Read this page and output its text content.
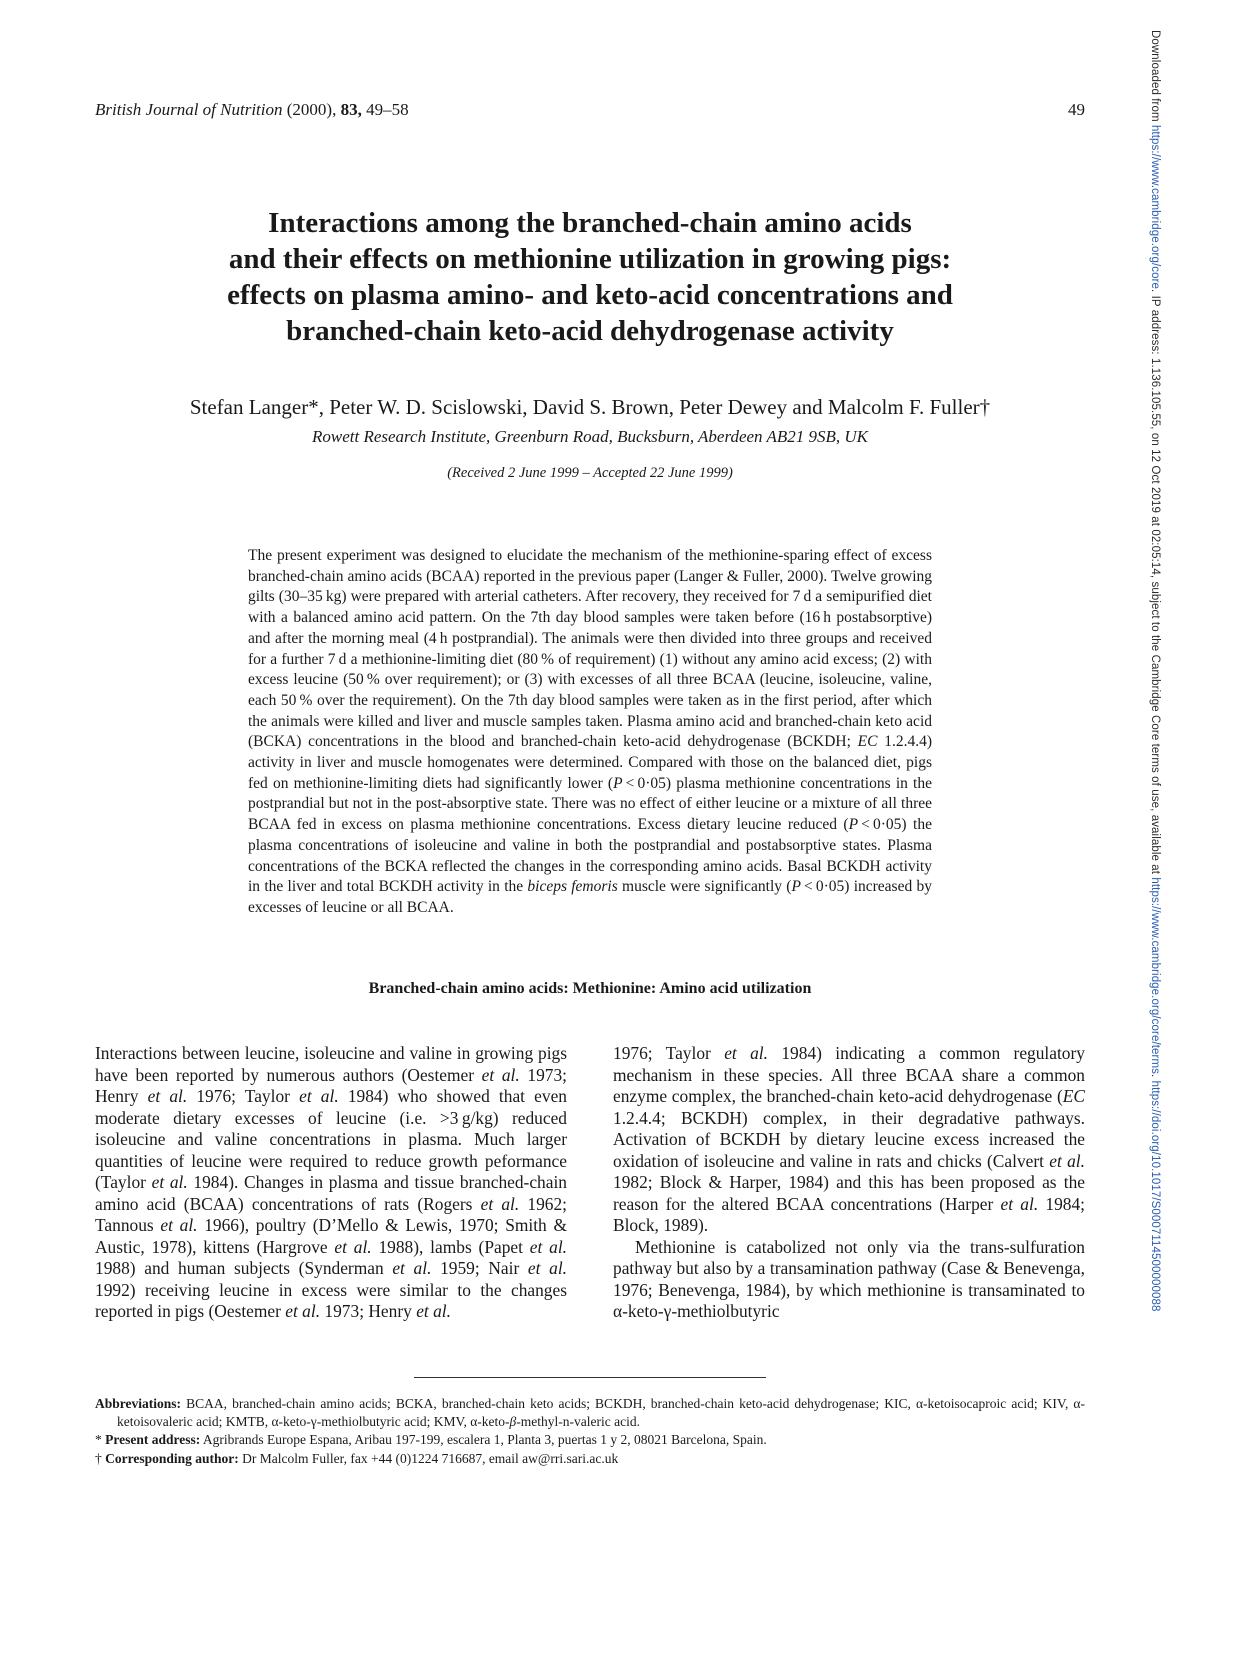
British Journal of Nutrition (2000), 83, 49–58	49	Downloaded from https://www.cambridge.org/core. IP address: 1.136.105.55, on 12 Oct 2019 at 02:05:14, subject to the Cambridge Core terms of use, available at https://www.cambridge.org/core/terms. https://doi.org/10.1017/S0007114500000088
Interactions among the branched-chain amino acids
and their effects on methionine utilization in growing pigs:
effects on plasma amino- and keto-acid concentrations and
branched-chain keto-acid dehydrogenase activity
Stefan Langer*, Peter W. D. Scislowski, David S. Brown, Peter Dewey and Malcolm F. Fuller†
Rowett Research Institute, Greenburn Road, Bucksburn, Aberdeen AB21 9SB, UK
(Received 2 June 1999 – Accepted 22 June 1999)
The present experiment was designed to elucidate the mechanism of the methionine-sparing effect of excess branched-chain amino acids (BCAA) reported in the previous paper (Langer & Fuller, 2000). Twelve growing gilts (30–35 kg) were prepared with arterial catheters. After recovery, they received for 7 d a semipurified diet with a balanced amino acid pattern. On the 7th day blood samples were taken before (16 h postabsorptive) and after the morning meal (4 h postprandial). The animals were then divided into three groups and received for a further 7 d a methionine-limiting diet (80 % of requirement) (1) without any amino acid excess; (2) with excess leucine (50 % over requirement); or (3) with excesses of all three BCAA (leucine, isoleucine, valine, each 50 % over the requirement). On the 7th day blood samples were taken as in the first period, after which the animals were killed and liver and muscle samples taken. Plasma amino acid and branched-chain keto acid (BCKA) concentrations in the blood and branched-chain keto-acid dehydrogenase (BCKDH; EC 1.2.4.4) activity in liver and muscle homogenates were determined. Compared with those on the balanced diet, pigs fed on methionine-limiting diets had significantly lower (P < 0·05) plasma methionine concentrations in the postprandial but not in the post-absorptive state. There was no effect of either leucine or a mixture of all three BCAA fed in excess on plasma methionine concentrations. Excess dietary leucine reduced (P < 0·05) the plasma concentrations of isoleucine and valine in both the postprandial and postabsorptive states. Plasma concentrations of the BCKA reflected the changes in the corresponding amino acids. Basal BCKDH activity in the liver and total BCKDH activity in the biceps femoris muscle were significantly (P < 0·05) increased by excesses of leucine or all BCAA.
Branched-chain amino acids: Methionine: Amino acid utilization

Interactions between leucine, isoleucine and valine in growing pigs have been reported by numerous authors (Oestemer et al. 1973; Henry et al. 1976; Taylor et al. 1984) who showed that even moderate dietary excesses of leucine (i.e. >3 g/kg) reduced isoleucine and valine concentrations in plasma. Much larger quantities of leucine were required to reduce growth peformance (Taylor et al. 1984). Changes in plasma and tissue branched-chain amino acid (BCAA) concentrations of rats (Rogers et al. 1962; Tannous et al. 1966), poultry (D’Mello & Lewis, 1970; Smith & Austic, 1978), kittens (Hargrove et al. 1988), lambs (Papet et al. 1988) and human subjects (Synderman et al. 1959; Nair et al. 1992) receiving leucine in excess were similar to the changes reported in pigs (Oestemer et al. 1973; Henry et al.

1976; Taylor et al. 1984) indicating a common regulatory mechanism in these species. All three BCAA share a common enzyme complex, the branched-chain keto-acid dehydrogenase (EC 1.2.4.4; BCKDH) complex, in their degradative pathways. Activation of BCKDH by dietary leucine excess increased the oxidation of isoleucine and valine in rats and chicks (Calvert et al. 1982; Block & Harper, 1984) and this has been proposed as the reason for the altered BCAA concentrations (Harper et al. 1984; Block, 1989).

Methionine is catabolized not only via the trans-sulfuration pathway but also by a transamination pathway (Case & Benevenga, 1976; Benevenga, 1984), by which methionine is transaminated to α-keto-γ-methiolbutyric

Abbreviations: BCAA, branched-chain amino acids; BCKA, branched-chain keto acids; BCKDH, branched-chain keto-acid dehydrogenase; KIC, α-ketoisocaproic acid; KIV, α-ketoisovaleric acid; KMTB, α-keto-γ-methiolbutyric acid; KMV, α-keto-β-methyl-n-valeric acid.

* Present address: Agribrands Europe Espana, Aribau 197-199, escalera 1, Planta 3, puertas 1 y 2, 08021 Barcelona, Spain.

† Corresponding author: Dr Malcolm Fuller, fax +44 (0)1224 716687, email aw@rri.sari.ac.uk
